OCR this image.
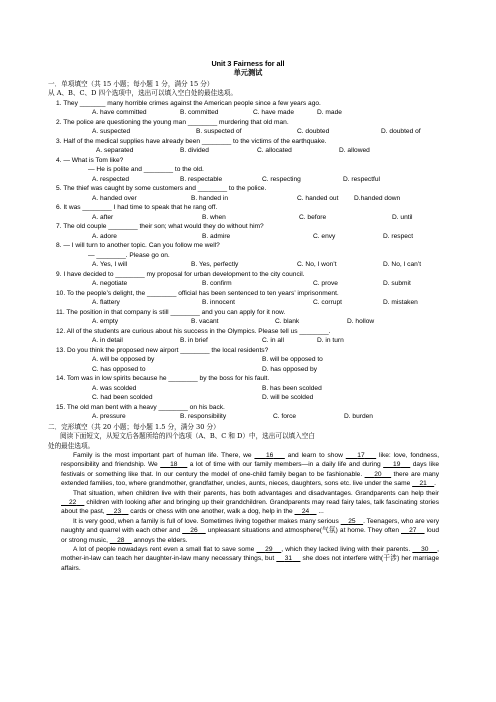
Unit 3 Fairness for all
单元测试
一．单项填空（共 15 小题；每小题 1 分，满分 15 分）
从 A、B、C、D 四个选项中，选出可以填入空白处的最佳选项。
1. They _______ many horrible crimes against the American people since a few years ago.
A. have committed	B. committed	C. have made	D. made
2. The police are questioning the young man ________ murdering that old man.
A. suspected	B. suspected of	C. doubted	D. doubted of
3. Half of the medical supplies have already been ________ to the victims of the earthquake.
A. separated	B. divided	C. allocated	D. allowed
4. — What is Tom like?
— He is polite and ________ to the old.
A. respected	B. respectable	C. respecting	D. respectful
5. The thief was caught by some customers and ________ to the police.
A. handed over	B. handed in	C. handed out D.handed down
6. It was ________ I had time to speak that he rang off.
A. after	B. when	C. before	D. until
7. The old couple ________ their son; what would they do without him?
A. adore	B. admire	C. envy	D. respect
8. — I will turn to another topic. Can you follow me well?
— ________. Please go on.
A. Yes, I will	B. Yes, perfectly	C. No, I won’t	D. No, I can’t
9. I have decided to ________ my proposal for urban development to the city council.
A. negotiate	B. confirm	C. prove	D. submit
10. To the people’s delight, the ________ official has been sentenced to ten years’ imprisonment.
A. flattery	B. innocent	C. corrupt	D. mistaken
11. The position in that company is still ________ and you can apply for it now.
A. empty	B. vacant	C. blank	D. hollow
12. All of the students are curious about his success in the Olympics. Please tell us ________.
A. in detail	B. in brief	C. in all	D. in turn
13. Do you think the proposed new airport ________ the local residents?
A. will be opposed by	B. will be opposed to
C. has opposed to	D. has opposed by
14. Tom was in low spirits because he ________ by the boss for his fault.
A. was scolded	B. has been scolded
C. had been scolded	D. will be scolded
15. The old man bent with a heavy ________ on his back.
A. pressure	B. responsibility	C. force	D. burden
二．完形填空（共 20 小题；每小题 1.5 分，满分 30 分）
阅读下面短文，从短文后各题所给的四个选项（A、B、C 和 D）中，选出可以填入空白
处的最佳选项。

Family is the most important part of human life. There, we     16     and learn to show     17     like: love, fondness, responsibility and friendship. We     18     a lot of time with our family members—in a daily life and during     19     days like festivals or something like that. In our century the model of one-child family began to be fashionable.     20     there are many extended families, too, where grandmother, grandfather, uncles, aunts, nieces, daughters, sons etc. live under the same     21 .

That situation, when children live with their parents, has both advantages and disadvantages. Grandparents can help their     22     children with looking after and bringing up their grandchildren. Grandparents may read fairy tales, talk fascinating stories about the past,     23     cards or chess with one another, walk a dog, help in the     24     ...

It is very good, when a family is full of love. Sometimes living together makes many serious     25 . Teenagers, who are very naughty and quarrel with each other and     26     unpleasant situations and atmosphere(气氛) at home. They often     27     loud or strong music,     28     annoys the elders.

A lot of people nowadays rent even a small flat to save some     29 , which they lacked living with their parents.     30 , mother-in-law can teach her daughter-in-law many necessary things, but     31     she does not interfere with(干涉) her marriage affairs.
